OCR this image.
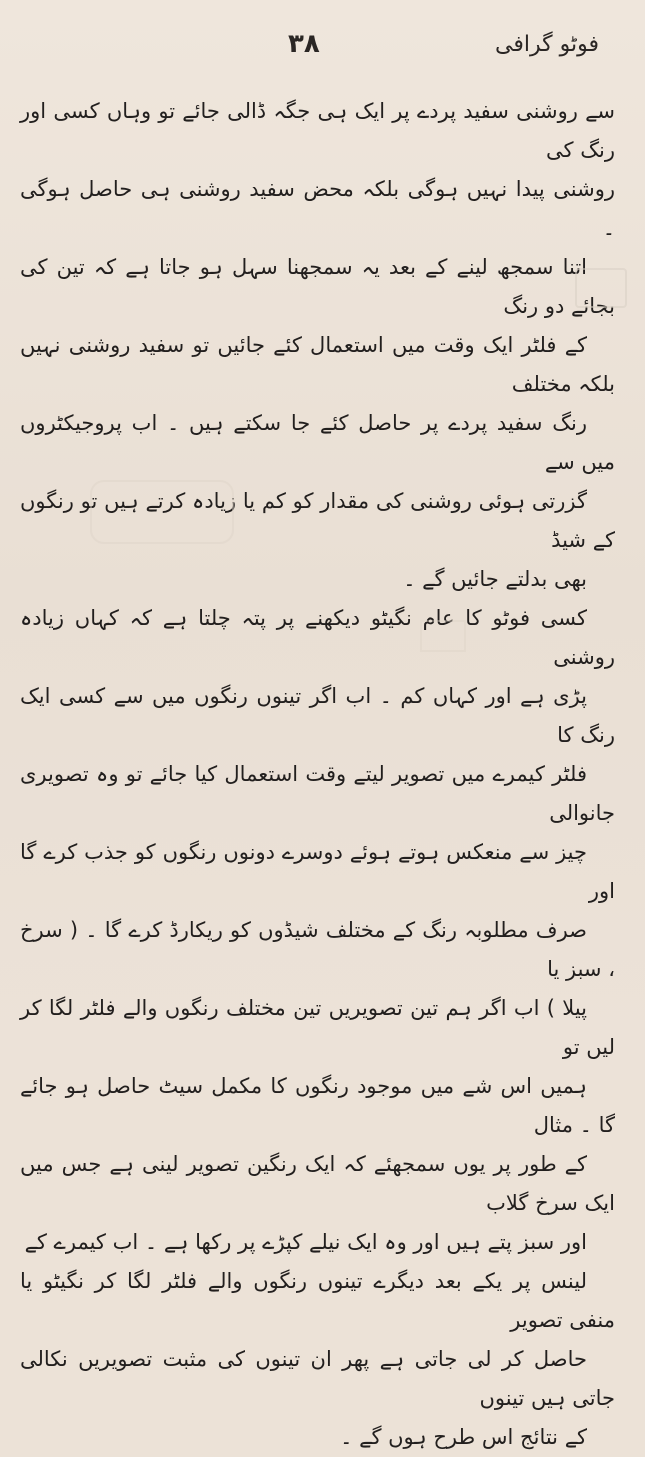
فوٹو گرافی
۳۸

سے روشنی سفید پردے پر ایک ہی جگہ ڈالی جائے تو وہاں کسی اور رنگ کی
روشنی پیدا نہیں ہوگی بلکہ محض سفید روشنی ہی حاصل ہوگی ۔

اتنا سمجھ لینے کے بعد یہ سمجھنا سہل ہو جاتا ہے کہ تین کی بجائے دو رنگ
کے فلٹر ایک وقت میں استعمال کئے جائیں تو سفید روشنی نہیں بلکہ مختلف
رنگ سفید پردے پر حاصل کئے جا سکتے ہیں ۔ اب پروجیکٹروں میں سے
گزرتی ہوئی روشنی کی مقدار کو کم یا زیادہ کرتے ہیں تو رنگوں کے شیڈ
بھی بدلتے جائیں گے ۔

کسی فوٹو کا عام نگیٹو دیکھنے پر پتہ چلتا ہے کہ کہاں زیادہ روشنی
پڑی ہے اور کہاں کم ۔ اب اگر تینوں رنگوں میں سے کسی ایک رنگ کا
فلٹر کیمرے میں تصویر لیتے وقت استعمال کیا جائے تو وہ تصویری جانوالی
چیز سے منعکس ہوتے ہوئے دوسرے دونوں رنگوں کو جذب کرے گا اور
صرف مطلوبہ رنگ کے مختلف شیڈوں کو ریکارڈ کرے گا ۔ ( سرخ ، سبز یا
پیلا ) اب اگر ہم تین تصویریں تین مختلف رنگوں والے فلٹر لگا کر لیں تو
ہمیں اس شے میں موجود رنگوں کا مکمل سیٹ حاصل ہو جائے گا ۔ مثال
کے طور پر یوں سمجھئے کہ ایک رنگین تصویر لینی ہے جس میں ایک سرخ گلاب
اور سبز پتے ہیں اور وہ ایک نیلے کپڑے پر رکھا ہے ۔ اب کیمرے کے
لینس پر یکے بعد دیگرے تینوں رنگوں والے فلٹر لگا کر نگیٹو یا منفی تصویر
حاصل کر لی جاتی ہے پھر ان تینوں کی مثبت تصویریں نکالی جاتی ہیں تینوں
کے نتائج اس طرح ہوں گے ۔
